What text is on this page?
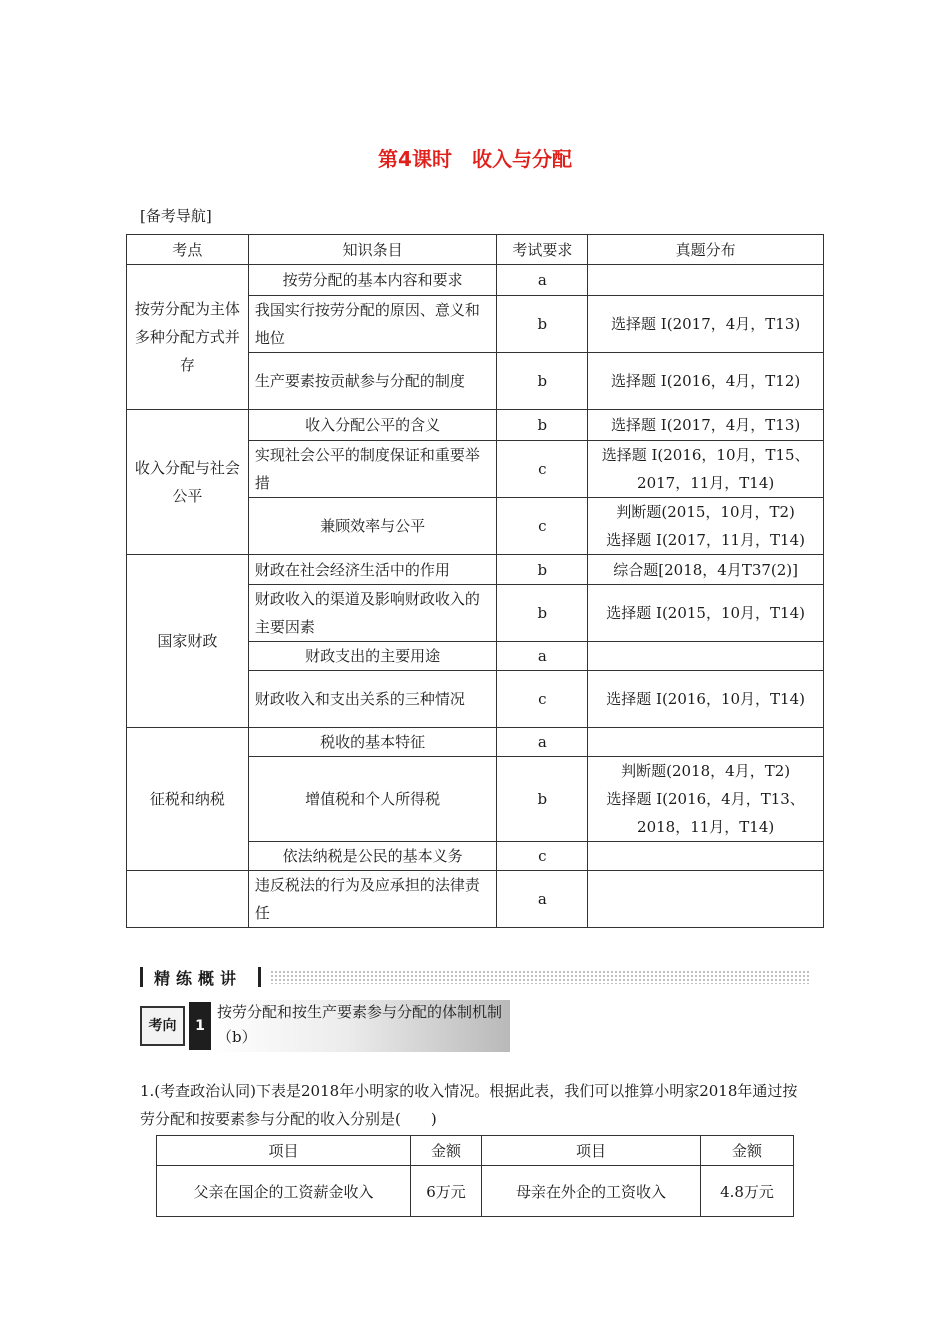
第4课时　收入与分配
[备考导航]
考点	知识条目	考试要求	真题分布
按劳分配为主体多种分配方式并存	按劳分配的基本内容和要求	a	
	我国实行按劳分配的原因、意义和地位	b	选择题 Ⅰ(2017，4月，T13)
	生产要素按贡献参与分配的制度	b	选择题 Ⅰ(2016，4月，T12)
收入分配与社会公平	收入分配公平的含义	b	选择题 Ⅰ(2017，4月，T13)
	实现社会公平的制度保证和重要举措	c	选择题 Ⅰ(2016，10月，T15、2017，11月，T14)
	兼顾效率与公平	c	判断题(2015，10月，T2)
选择题 Ⅰ(2017，11月，T14)
国家财政	财政在社会经济生活中的作用	b	综合题[2018，4月T37(2)]
	财政收入的渠道及影响财政收入的主要因素	b	选择题 Ⅰ(2015，10月，T14)
	财政支出的主要用途	a	
	财政收入和支出关系的三种情况	c	选择题 Ⅰ(2016，10月，T14)
征税和纳税	税收的基本特征	a	
	增值税和个人所得税	b	判断题(2018，4月，T2)
选择题 Ⅰ(2016，4月，T13、2018，11月，T14)
	依法纳税是公民的基本义务	c	
	违反税法的行为及应承担的法律责任	a	
精练概讲
考向	1
按劳分配和按生产要素参与分配的体制机制（b）
1.(考查政治认同)下表是2018年小明家的收入情况。根据此表，我们可以推算小明家2018年通过按劳分配和按要素参与分配的收入分别是(　　)
项目	金额	项目	金额
父亲在国企的工资薪金收入	6万元	母亲在外企的工资收入	4.8万元
